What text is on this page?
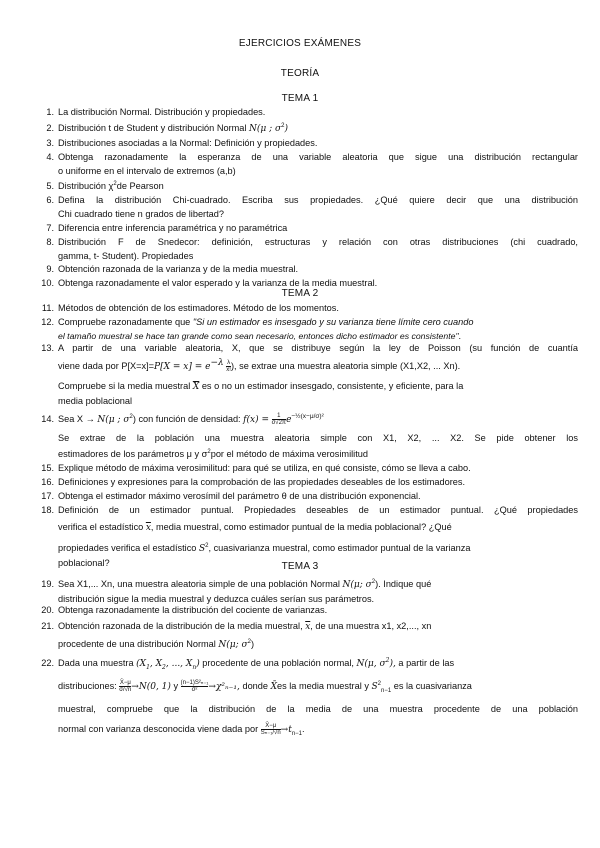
EJERCICIOS EXÁMENES
TEORÍA
TEMA 1
1. La distribución Normal. Distribución y propiedades.
2. Distribución t de Student y distribución Normal N(μ ; $\sigma^2$)
3. Distribuciones asociadas a la Normal: Definición y propiedades.
4. Obtenga razonadamente la esperanza de una variable aleatoria que sigue una distribución rectangular
o uniforme en el intervalo de extremos (a,b)
5. Distribución $\chi^2de$ Pearson
6. Defina la distribución Chi-cuadrado. Escriba sus propiedades. ¿Qué quiere decir que una distribución
Chi cuadrado tiene n grados de libertad?
7. Diferencia entre inferencia paramétrica y no paramétrica
8. Distribución F de Snedecor: definición, estructuras y relación con otras distribuciones (chi cuadrado,
gamma, t- Student). Propiedades
9. Obtención razonada de la varianza y de la media muestral.
10. Obtenga razonadamente el valor esperado y la varianza de la media muestral.
TEMA 2
11. Métodos de obtención de los estimadores. Método de los momentos.
12. Compruebe razonadamente que "Si un estimador es insesgado y su varianza tiene límite cero cuando
el tamaño muestral se hace tan grande como sean necesario, entonces dicho estimador es consistente".
13. A partir de una variable aleatoria, X, que se distribuye según la ley de Poisson (su función de cuantía
viene dada por $P[X=x]=P[X = x] = e^{-\lambda} \frac{\lambda}{x!}$ ), se extrae una muestra aleatoria simple (X1,X2, ... Xn).
Compruebe si la media muestral $\overline{X}$ es o no un estimador insesgado, consistente, y eficiente, para la
media poblacional
14. Sea X → N(μ ; $\sigma^2$) con función de densidad: $f(x) = \frac{1}{\sigma√2\pi} e^{-\frac{1}{2}(x-\mu/\sigma)^2}$
Se extrae de la población una muestra aleatoria simple con X1, X2, ... X2. Se pide obtener los
estimadores de los parámetros μ y $\sigma^2por$ el método de máxima verosimilitud
15. Explique método de máxima verosimilitud: para qué se utiliza, en qué consiste, cómo se lleva a cabo.
16. Definiciones y expresiones para la comprobación de las propiedades deseables de los estimadores.
17. Obtenga el estimador máximo verosímil del parámetro θ de una distribución exponencial.
18. Definición de un estimador puntual. Propiedades deseables de un estimador puntual. ¿Qué propiedades
verifica el estadístico $\overline{x}$, media muestral, como estimador puntual de la media poblacional? ¿Qué
propiedades verifica el estadístico $S^2$, cuasivarianza muestral, como estimador puntual de la varianza
poblacional?	TEMA 3
19. Sea X1,... Xn, una muestra aleatoria simple de una población Normal N(μ; $\sigma^2$). Indique qué
distribución sigue la media muestral y deduzca cuáles serían sus parámetros.
20. Obtenga razonadamente la distribución del cociente de varianzas.
21. Obtención razonada de la distribución de la media muestral, $\overline{x}$, de una muestra x1, x2,..., xn
procedente de una distribución Normal N(μ; $\sigma^2$)
22. Dada una muestra ($X_1$, $X_2$, ..., $X_n$) procedente de una población normal, N(μ, $\sigma^2$), a partir de las
distribuciones: $\frac{X̄-\mu}{\sigma/√n} \to N(0$, 1) y $\frac{\text{(n−1)S²ₙ₋₁}}{\text{σ²}} \to\chi^2_{n-1}$, donde X̄es la media muestral y $S^2_{n-1}$ es la cuasivarianza
muestral, compruebe que la distribución de la media de una muestra procedente de una población
normal con varianza desconocida viene dada por $\frac{X̄-\mu}{\text{Sₙ₋₁/√n}} \to t_{n-1}$.
